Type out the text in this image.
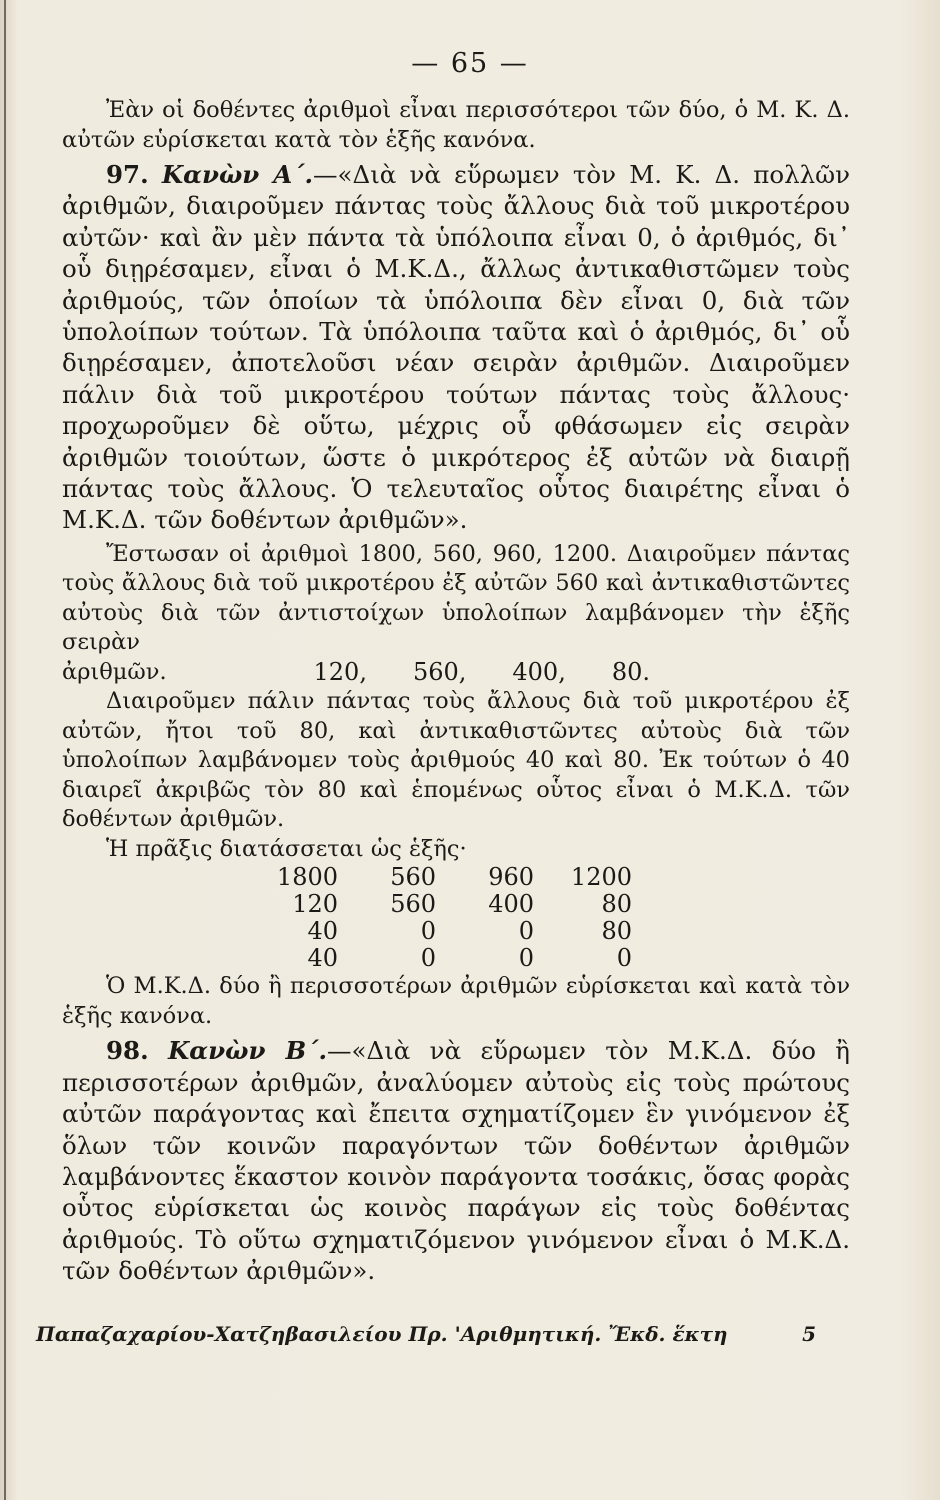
— 65 —

Ἐὰν οἱ δοθέντες ἀριθμοὶ εἶναι περισσότεροι τῶν δύο, ὁ Μ. Κ. Δ. αὐτῶν εὑρίσκεται κατὰ τὸν ἑξῆς κανόνα.

97. Κανὼν Α΄.—«Διὰ νὰ εὕρωμεν τὸν Μ. Κ. Δ. πολλῶν ἀριθμῶν, διαιροῦμεν πάντας τοὺς ἄλλους διὰ τοῦ μικροτέρου αὐτῶν· καὶ ἂν μὲν πάντα τὰ ὑπόλοιπα εἶναι 0, ὁ ἀριθμός, δι᾽ οὗ διῃρέσαμεν, εἶναι ὁ Μ.Κ.Δ., ἄλλως ἀντικαθιστῶμεν τοὺς ἀριθμούς, τῶν ὁποίων τὰ ὑπόλοιπα δὲν εἶναι 0, διὰ τῶν ὑπολοίπων τούτων. Τὰ ὑπόλοιπα ταῦτα καὶ ὁ ἀριθμός, δι᾽ οὗ διῃρέσαμεν, ἀποτελοῦσι νέαν σειρὰν ἀριθμῶν. Διαιροῦμεν πάλιν διὰ τοῦ μικροτέρου τούτων πάντας τοὺς ἄλλους· προχωροῦμεν δὲ οὕτω, μέχρις οὗ φθάσωμεν εἰς σειρὰν ἀριθμῶν τοιούτων, ὥστε ὁ μικρότερος ἐξ αὐτῶν νὰ διαιρῇ πάντας τοὺς ἄλλους. Ὁ τελευταῖος οὗτος διαιρέτης εἶναι ὁ Μ.Κ.Δ. τῶν δοθέντων ἀριθμῶν».

Ἔστωσαν οἱ ἀριθμοὶ 1800, 560, 960, 1200. Διαιροῦμεν πάντας τοὺς ἄλλους διὰ τοῦ μικροτέρου ἐξ αὐτῶν 560 καὶ ἀντικαθιστῶντες αὐτοὺς διὰ τῶν ἀντιστοίχων ὑπολοίπων λαμβάνομεν τὴν ἑξῆς σειρὰν

ἀριθμῶν.	120, 560, 400, 80.

Διαιροῦμεν πάλιν πάντας τοὺς ἄλλους διὰ τοῦ μικροτέρου ἐξ αὐτῶν, ἤτοι τοῦ 80, καὶ ἀντικαθιστῶντες αὐτοὺς διὰ τῶν ὑπολοίπων λαμβάνομεν τοὺς ἀριθμούς 40 καὶ 80. Ἐκ τούτων ὁ 40 διαιρεῖ ἀκριβῶς τὸν 80 καὶ ἑπομένως οὗτος εἶναι ὁ Μ.Κ.Δ. τῶν δοθέντων ἀριθμῶν.

Ἡ πρᾶξις διατάσσεται ὡς ἑξῆς·

1800	560	960	1200
120	560	400	80
40	0	0	80
40	0	0	0

Ὁ Μ.Κ.Δ. δύο ἢ περισσοτέρων ἀριθμῶν εὑρίσκεται καὶ κατὰ τὸν ἑξῆς κανόνα.

98. Κανὼν Β΄.—«Διὰ νὰ εὕρωμεν τὸν Μ.Κ.Δ. δύο ἢ περισσοτέρων ἀριθμῶν, ἀναλύομεν αὐτοὺς εἰς τοὺς πρώτους αὐτῶν παράγοντας καὶ ἔπειτα σχηματίζομεν ἓν γινόμενον ἐξ ὅλων τῶν κοινῶν παραγόντων τῶν δοθέντων ἀριθμῶν λαμβάνοντες ἕκαστον κοινὸν παράγοντα τοσάκις, ὅσας φορὰς οὗτος εὑρίσκεται ὡς κοινὸς παράγων εἰς τοὺς δοθέντας ἀριθμούς. Τὸ οὕτω σχηματιζόμενον γινόμενον εἶναι ὁ Μ.Κ.Δ. τῶν δοθέντων ἀριθμῶν».

Παπαζαχαρίου-Χατζηβασιλείου Πρ. 'Αριθμητική. Ἔκδ. ἕκτη	5
